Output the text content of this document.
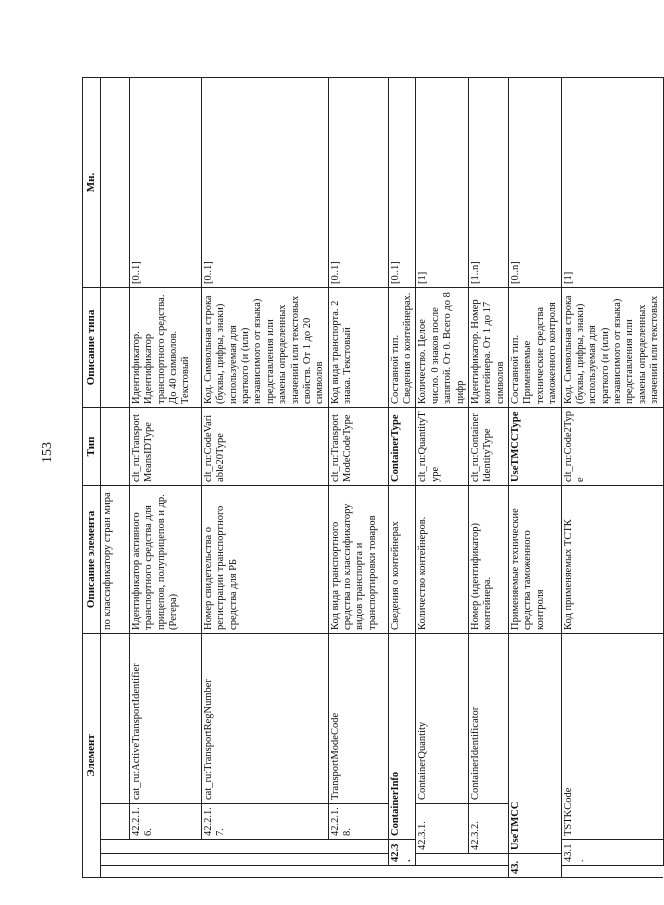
153
Элемент					Описание элемента	Тип	Описание типа	Мн.
					по классификатору стран мира			
			42.2.1.6.	cat_ru:ActiveTransportIdentifier	Идентификатор активного транспортного средства для прицепов, полуприцепов и др. (Регера)	clt_ru:TransportMeansIDType	Идентификатор. Идентификатор транспортного средства. До 40 символов. Текстовый	[0..1]
			42.2.1.7.	cat_ru:TransportRegNumber	Номер свидетельства о регистрации транспортного средства для РБ	clt_ru:CodeVariable20Type	Код. Символьная строка (буквы, цифры, знаки) используемая для краткого (и (или) независимого от языка) представления или замены определенных значений или текстовых свойств. От 1 до 20 символов	[0..1]
			42.2.1.8.	TransportModeCode	Код вида транспортного средства по классификатору видов транспорта и транспортировки товаров	clt_ru:TransportModeCodeType	Код вида транспорта. 2 знака. Текстовый	[0..1]
	42.3.		ContainerInfo		Сведения о контейнерах	ContainerType	Составной тип. Сведения о контейнерах.	[0..1]
		42.3.1.		ContainerQuantity	Количество контейнеров.	clt_ru:QuantityType	Количество. Целое число. 0 знаков после запятой. От 0. Всего до 8 цифр	[1]
		42.3.2.		ContainerIdentificator	Номер (идентификатор) контейнера.	clt_ru:ContainerIdentityType	Идентификатор. Номер контейнера. От 1 до 17 символов	[1..n]
43.		UseTMCC			Применяемые технические средства таможенного контроля	UseTMCCType	Составной тип. Применяемые технические средства таможенного контроля	[0..n]
	43.1.		TSTKCode		Код применяемых ТСТК	clt_ru:Code2Type	Код. Символьная строка (буквы, цифры, знаки) используемая для краткого (и (или) независимого от языка) представления или замены определенных значений или текстовых	[1]
